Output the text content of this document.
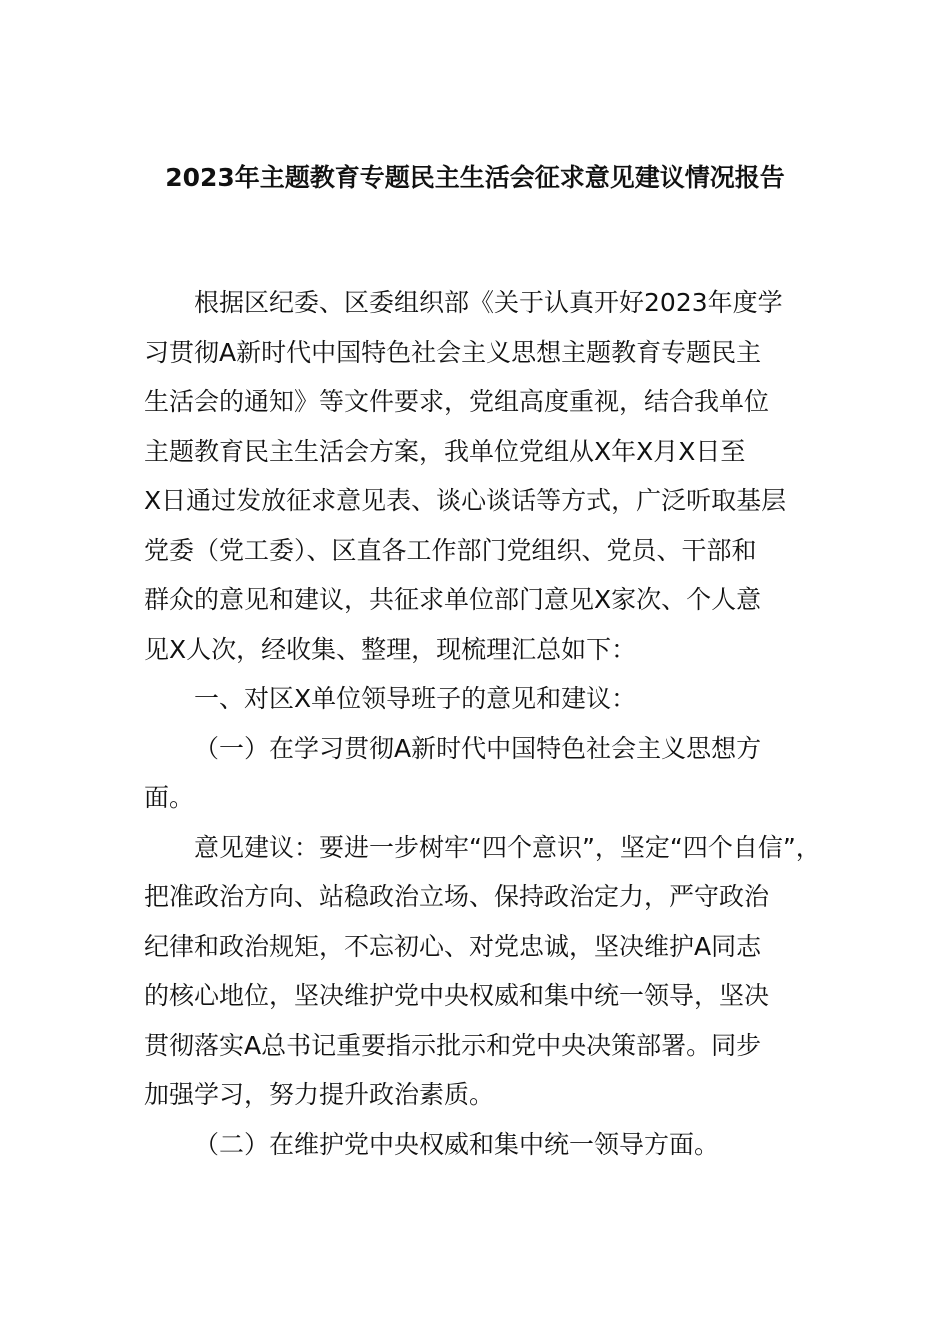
2023年主题教育专题民主生活会征求意见建议情况报告
根据区纪委、区委组织部《关于认真开好2023年度学
习贯彻A新时代中国特色社会主义思想主题教育专题民主
生活会的通知》等文件要求，党组高度重视，结合我单位
主题教育民主生活会方案，我单位党组从X年X月X日至
X日通过发放征求意见表、谈心谈话等方式，广泛听取基层
党委（党工委）、区直各工作部门党组织、党员、干部和
群众的意见和建议，共征求单位部门意见X家次、个人意
见X人次，经收集、整理，现梳理汇总如下：
一、对区X单位领导班子的意见和建议：
（一）在学习贯彻A新时代中国特色社会主义思想方
面。
意见建议：要进一步树牢“四个意识”，坚定“四个自信”，
把准政治方向、站稳政治立场、保持政治定力，严守政治
纪律和政治规矩，不忘初心、对党忠诚，坚决维护A同志
的核心地位，坚决维护党中央权威和集中统一领导，坚决
贯彻落实A总书记重要指示批示和党中央决策部署。同步
加强学习，努力提升政治素质。
（二）在维护党中央权威和集中统一领导方面。
